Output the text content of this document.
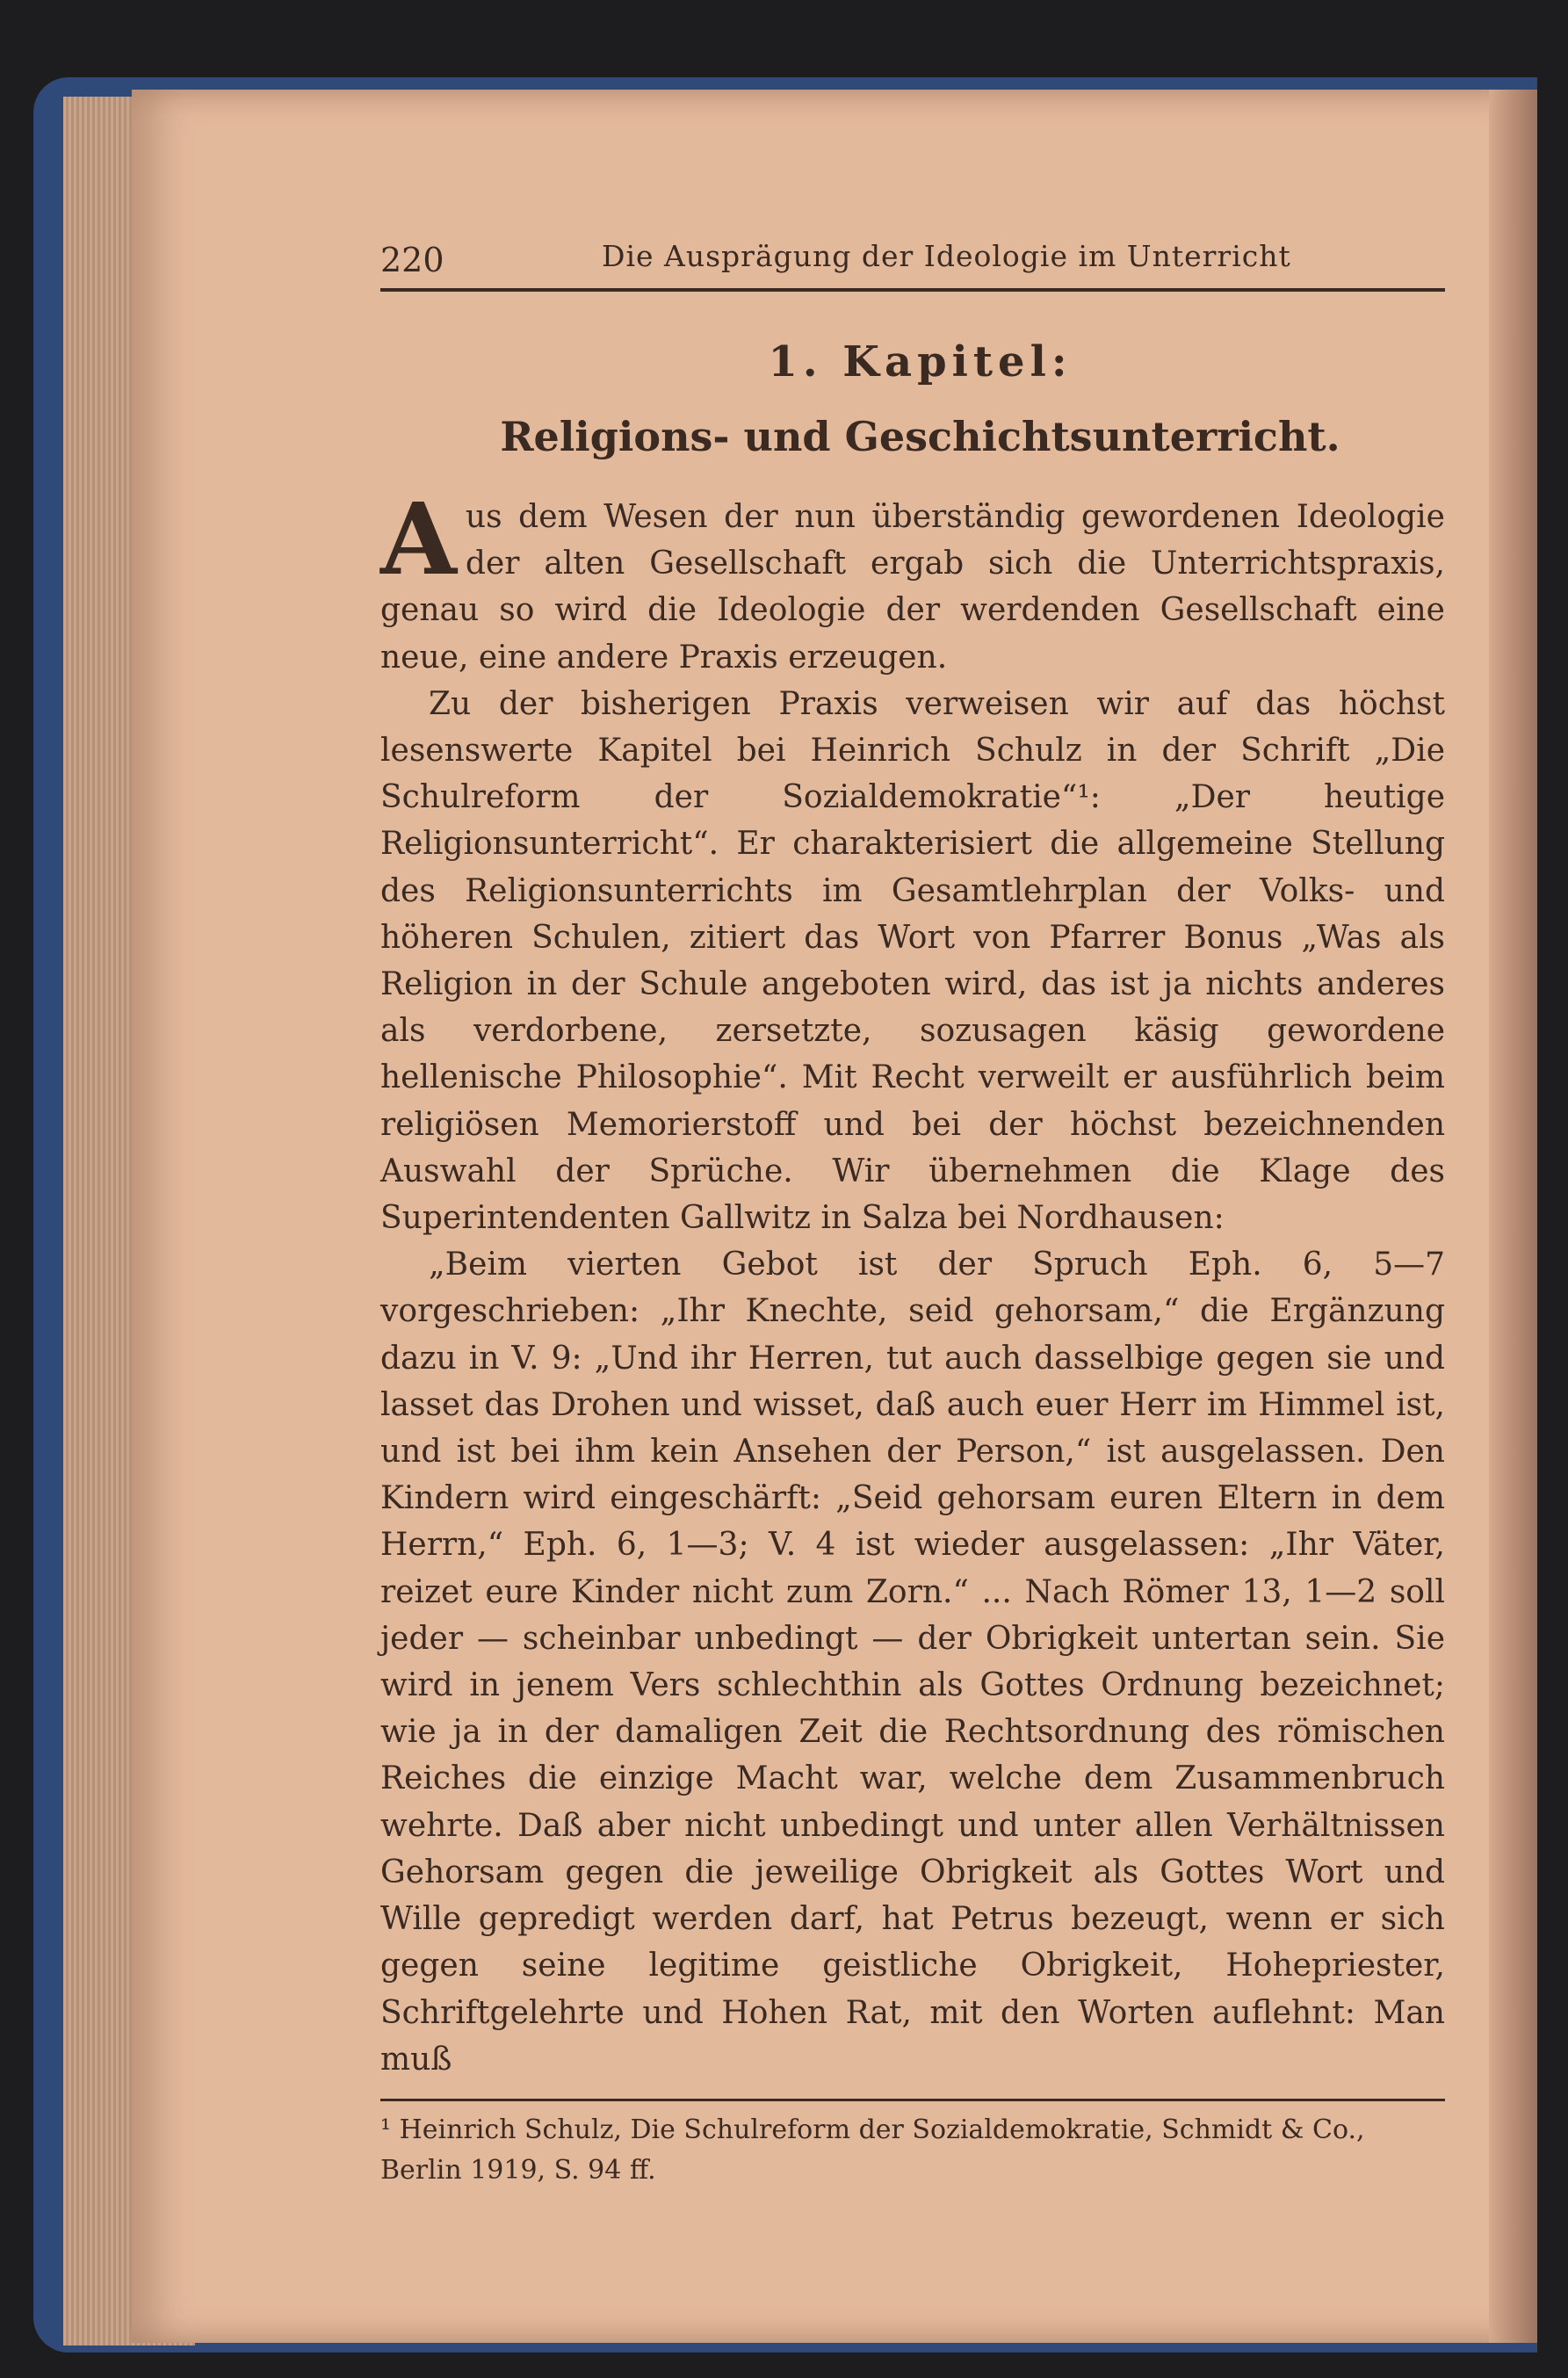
220	Die Ausprägung der Ideologie im Unterricht
1. Kapitel:
Religions- und Geschichtsunterricht.

Aus dem Wesen der nun überständig gewordenen Ideologie der alten Gesellschaft ergab sich die Unterrichtspraxis, genau so wird die Ideologie der werdenden Gesellschaft eine neue, eine andere Praxis erzeugen.

Zu der bisherigen Praxis verweisen wir auf das höchst lesenswerte Kapitel bei Heinrich Schulz in der Schrift „Die Schulreform der Sozialdemokratie“¹: „Der heutige Religionsunterricht“. Er charakterisiert die allgemeine Stellung des Religionsunterrichts im Gesamtlehrplan der Volks- und höheren Schulen, zitiert das Wort von Pfarrer Bonus „Was als Religion in der Schule angeboten wird, das ist ja nichts anderes als verdorbene, zersetzte, sozusagen käsig gewordene hellenische Philosophie“. Mit Recht verweilt er ausführlich beim religiösen Memorierstoff und bei der höchst bezeichnenden Auswahl der Sprüche. Wir übernehmen die Klage des Superintendenten Gallwitz in Salza bei Nordhausen:

„Beim vierten Gebot ist der Spruch Eph. 6, 5—7 vorgeschrieben: „Ihr Knechte, seid gehorsam,“ die Ergänzung dazu in V. 9: „Und ihr Herren, tut auch dasselbige gegen sie und lasset das Drohen und wisset, daß auch euer Herr im Himmel ist, und ist bei ihm kein Ansehen der Person,“ ist ausgelassen. Den Kindern wird eingeschärft: „Seid gehorsam euren Eltern in dem Herrn,“ Eph. 6, 1—3; V. 4 ist wieder ausgelassen: „Ihr Väter, reizet eure Kinder nicht zum Zorn.“ ... Nach Römer 13, 1—2 soll jeder — scheinbar unbedingt — der Obrigkeit untertan sein. Sie wird in jenem Vers schlechthin als Gottes Ordnung bezeichnet; wie ja in der damaligen Zeit die Rechtsordnung des römischen Reiches die einzige Macht war, welche dem Zusammenbruch wehrte. Daß aber nicht unbedingt und unter allen Verhältnissen Gehorsam gegen die jeweilige Obrigkeit als Gottes Wort und Wille gepredigt werden darf, hat Petrus bezeugt, wenn er sich gegen seine legitime geistliche Obrigkeit, Hohepriester, Schriftgelehrte und Hohen Rat, mit den Worten auflehnt: Man muß

¹ Heinrich Schulz, Die Schulreform der Sozialdemokratie, Schmidt & Co., Berlin 1919, S. 94 ff.
